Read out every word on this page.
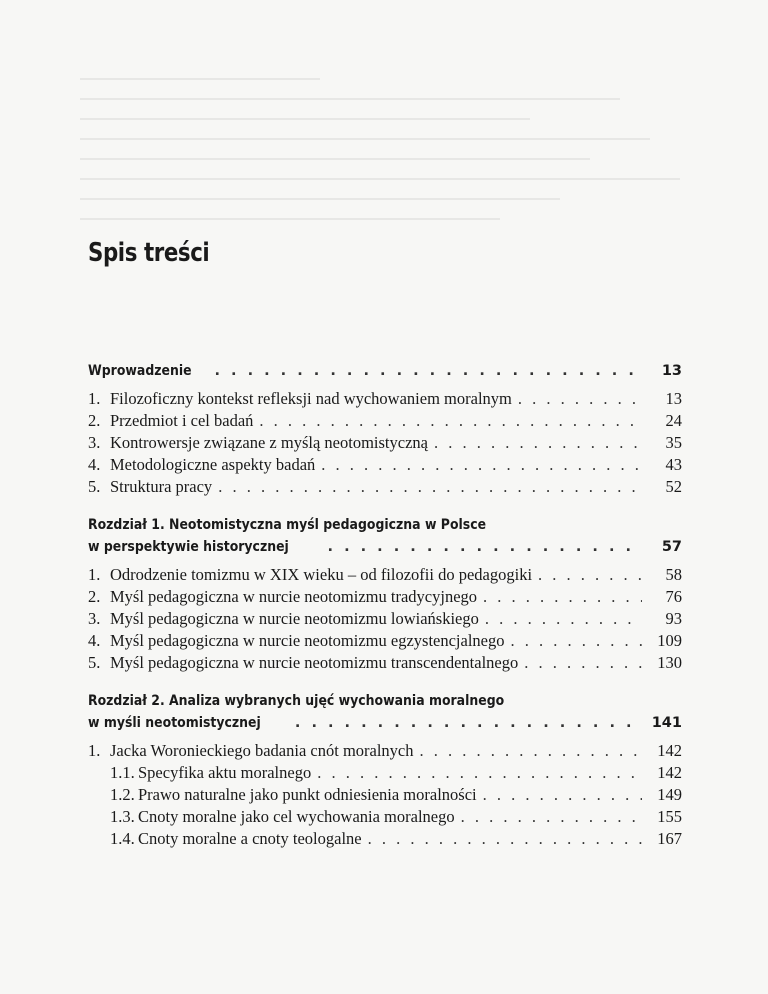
Spis treści
Wprowadzenie . . .	13
1. Filozoficzny kontekst refleksji nad wychowaniem moralnym . . .	13
2. Przedmiot i cel badań . . .	24
3. Kontrowersje związane z myślą neotomistyczną . . .	35
4. Metodologiczne aspekty badań . . .	43
5. Struktura pracy . . .	52
Rozdział 1. Neotomistyczna myśl pedagogiczna w Polsce
w perspektywie historycznej . . .	57
1. Odrodzenie tomizmu w XIX wieku – od filozofii do pedagogiki . . .	58
2. Myśl pedagogiczna w nurcie neotomizmu tradycyjnego . . .	76
3. Myśl pedagogiczna w nurcie neotomizmu lowiańskiego . . .	93
4. Myśl pedagogiczna w nurcie neotomizmu egzystencjalnego . . .	109
5. Myśl pedagogiczna w nurcie neotomizmu transcendentalnego . . .	130
Rozdział 2. Analiza wybranych ujęć wychowania moralnego
w myśli neotomistycznej . . .	141
1. Jacka Woronieckiego badania cnót moralnych . . .	142
1.1. Specyfika aktu moralnego . . .	142
1.2. Prawo naturalne jako punkt odniesienia moralności . . .	149
1.3. Cnoty moralne jako cel wychowania moralnego . . .	155
1.4. Cnoty moralne a cnoty teologalne . . .	167
